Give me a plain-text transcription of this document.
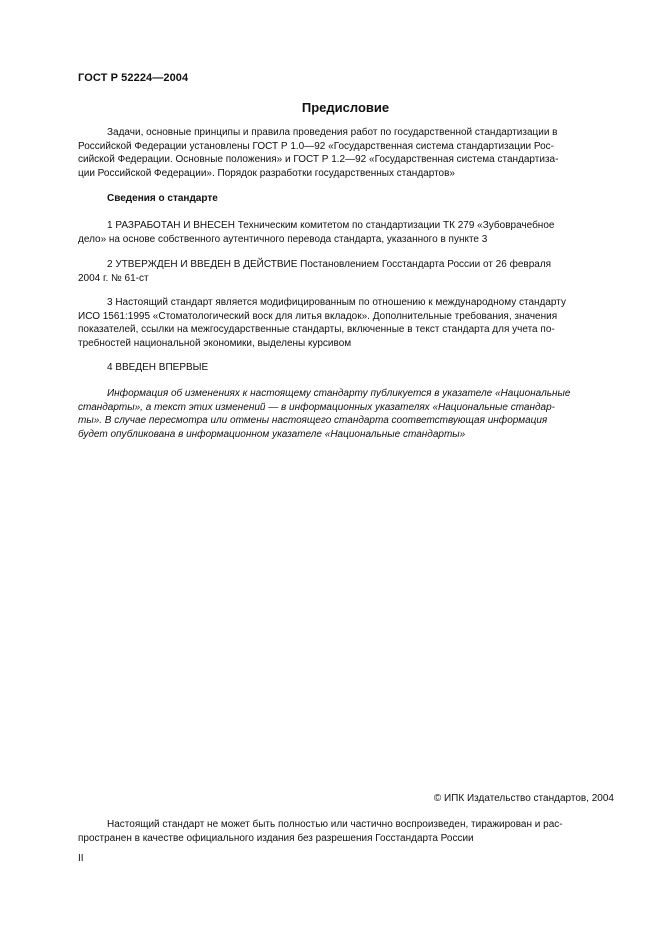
ГОСТ Р 52224—2004
Предисловие
Задачи, основные принципы и правила проведения работ по государственной стандартизации в
Российской Федерации установлены ГОСТ Р 1.0—92 «Государственная система стандартизации Рос-
сийской Федерации. Основные положения» и ГОСТ Р 1.2—92 «Государственная система стандартиза-
ции Российской Федерации». Порядок разработки государственных стандартов»
Сведения о стандарте
1 РАЗРАБОТАН И ВНЕСЕН Техническим комитетом по стандартизации ТК 279 «Зубоврачебное
дело» на основе собственного аутентичного перевода стандарта, указанного в пункте 3
2 УТВЕРЖДЕН И ВВЕДЕН В ДЕЙСТВИЕ Постановлением Госстандарта России от 26 февраля
2004 г. № 61-ст
3 Настоящий стандарт является модифицированным по отношению к международному стандарту
ИСО 1561:1995 «Стоматологический воск для литья вкладок». Дополнительные требования, значения
показателей, ссылки на межгосударственные стандарты, включенные в текст стандарта для учета по-
требностей национальной экономики, выделены курсивом
4 ВВЕДЕН ВПЕРВЫЕ
Информация об изменениях к настоящему стандарту публикуется в указателе «Национальные
стандарты», а текст этих изменений — в информационных указателях «Национальные стандар-
ты». В случае пересмотра или отмены настоящего стандарта соответствующая информация
будет опубликована в информационном указателе «Национальные стандарты»
© ИПК Издательство стандартов, 2004
Настоящий стандарт не может быть полностью или частично воспроизведен, тиражирован и рас-
пространен в качестве официального издания без разрешения Госстандарта России
II
